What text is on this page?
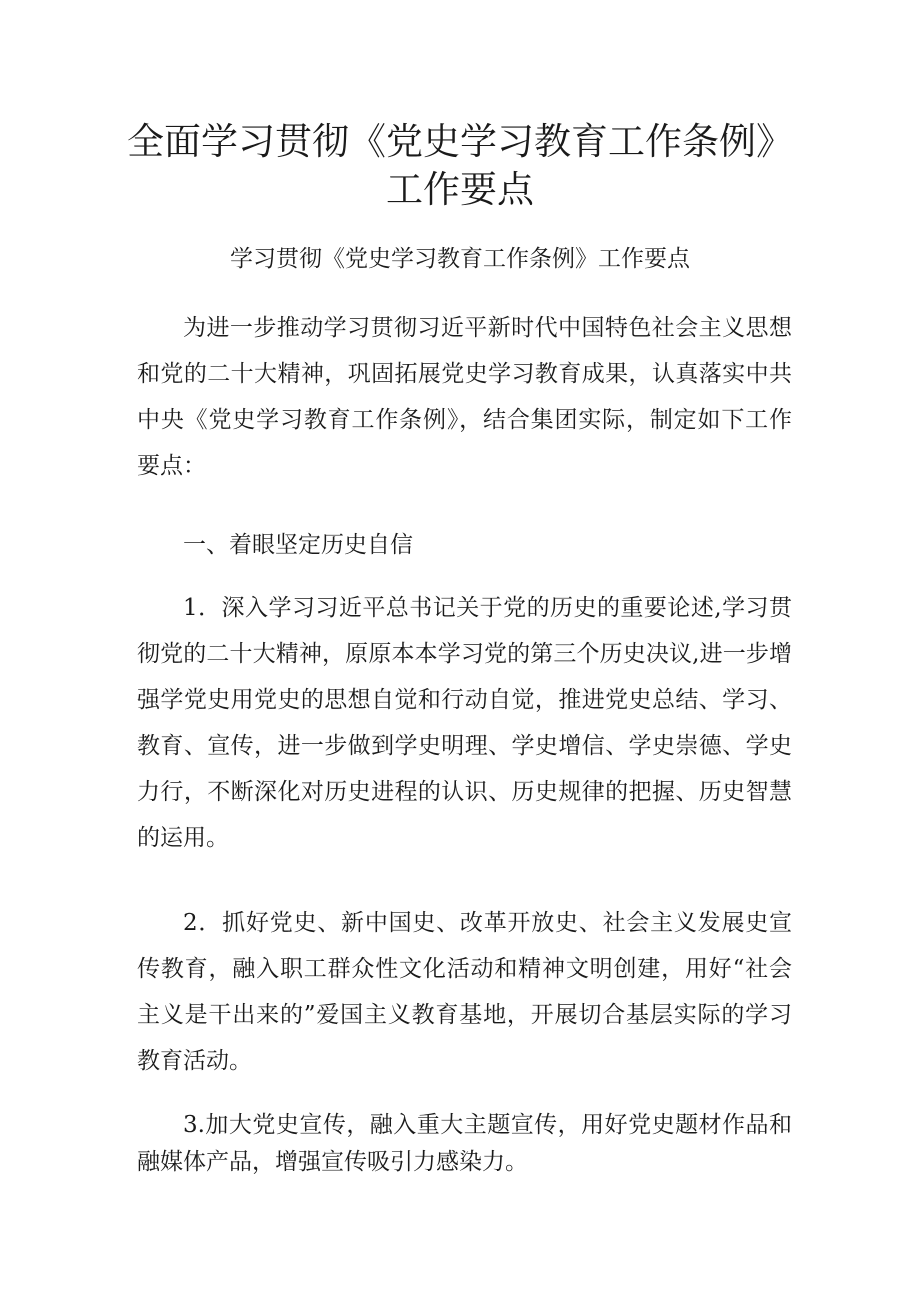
全面学习贯彻《党史学习教育工作条例》工作要点

学习贯彻《党史学习教育工作条例》工作要点

为进一步推动学习贯彻习近平新时代中国特色社会主义思想和党的二十大精神，巩固拓展党史学习教育成果，认真落实中共中央《党史学习教育工作条例》，结合集团实际，制定如下工作要点：

一、着眼坚定历史自信

1．深入学习习近平总书记关于党的历史的重要论述,学习贯彻党的二十大精神，原原本本学习党的第三个历史决议,进一步增强学党史用党史的思想自觉和行动自觉，推进党史总结、学习、教育、宣传，进一步做到学史明理、学史增信、学史崇德、学史力行，不断深化对历史进程的认识、历史规律的把握、历史智慧的运用。

2．抓好党史、新中国史、改革开放史、社会主义发展史宣传教育，融入职工群众性文化活动和精神文明创建，用好“社会主义是干出来的”爱国主义教育基地，开展切合基层实际的学习教育活动。

3.加大党史宣传，融入重大主题宣传，用好党史题材作品和融媒体产品，增强宣传吸引力感染力。
